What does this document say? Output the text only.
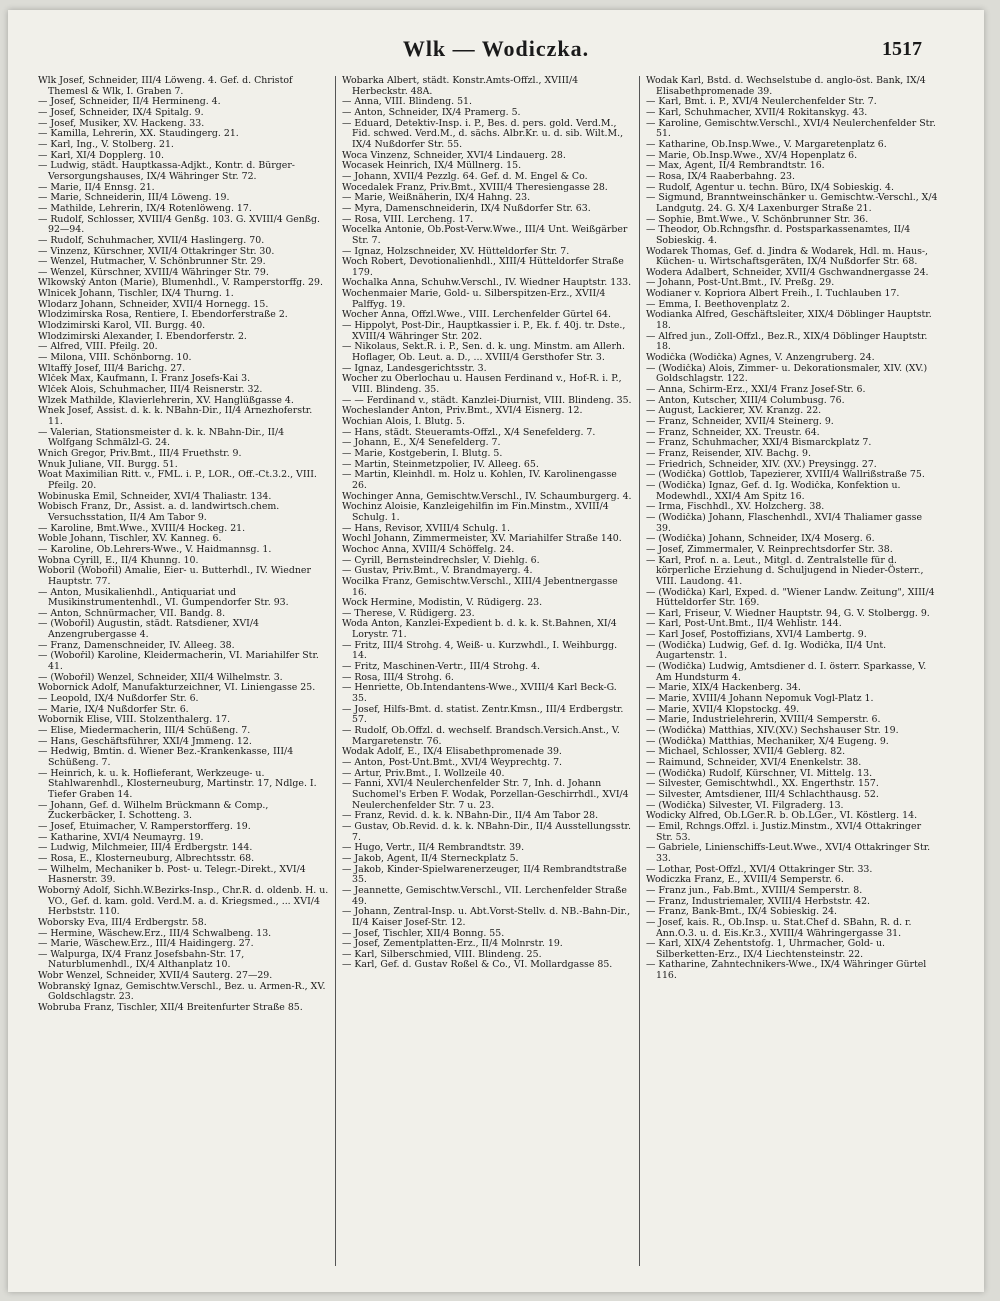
Wlk — Wodiczka.	1517
Wlk Josef, Schneider, III/4 Löweng. 4. Gef. d. Christof Themesl & Wlk, I. Graben 7.
— Josef, Schneider, II/4 Hermineng. 4.
— Josef, Schneider, IX/4 Spitalg. 9.
— Josef, Musiker, XV. Hackeng. 33.
— Kamilla, Lehrerin, XX. Staudingerg. 21.
— Karl, Ing., V. Stolberg. 21.
— Karl, XI/4 Dopplerg. 10.
— Ludwig, städt. Hauptkassa-Adjkt., Kontr. d. Bürger-Versorgungshauses, IX/4 Währinger Str. 72.
— Marie, II/4 Ennsg. 21.
— Marie, Schneiderin, III/4 Löweng. 19.
— Mathilde, Lehrerin, IX/4 Rotenlöweng. 17.
— Rudolf, Schlosser, XVIII/4 Genßg. 103. G. XVIII/4 Genßg. 92—94.
— Rudolf, Schuhmacher, XVII/4 Haslingerg. 70.
— Vinzenz, Kürschner, XVII/4 Ottakringer Str. 30.
— Wenzel, Hutmacher, V. Schönbrunner Str. 29.
— Wenzel, Kürschner, XVIII/4 Währinger Str. 79.
Wlkowský Anton (Marie), Blumenhdl., V. Ramperstorffg. 29.
Wlnicek Johann, Tischler, IX/4 Thurng. 1.
Wlodarz Johann, Schneider, XVII/4 Hornegg. 15.
Wlodzimirska Rosa, Rentiere, I. Ebendorferstraße 2.
Wlodzimirski Karol, VII. Burgg. 40.
Wlodzimirski Alexander, I. Ebendorferstr. 2.
— Alfred, VIII. Pfeilg. 20.
— Milona, VIII. Schönborng. 10.
Wltaffý Josef, III/4 Barichg. 27.
Wlček Max, Kaufmann, I. Franz Josefs-Kai 3.
Wlček Alois, Schuhmacher, III/4 Reisnerstr. 32.
Wlzek Mathilde, Klavierlehrerin, XV. Hanglüßgasse 4.
Wnek Josef, Assist. d. k. k. NBahn-Dir., II/4 Arnezhoferstr. 11.
— Valerian, Stationsmeister d. k. k. NBahn-Dir., II/4 Wolfgang Schmälzl-G. 24.
Wnich Gregor, Priv.Bmt., III/4 Fruethstr. 9.
Wnuk Juliane, VII. Burgg. 51.
Woat Maximilian Ritt. v., FML. i. P., LOR., Off.-Ct.3.2., VIII. Pfeilg. 20.
Wobinuska Emil, Schneider, XVI/4 Thaliastr. 134.
Wobisch Franz, Dr., Assist. a. d. landwirtsch.chem. Versuchsstation, II/4 Am Tabor 9.
— Karoline, Bmt.Wwe., XVIII/4 Hockeg. 21.
Woble Johann, Tischler, XV. Kanneg. 6.
— Karoline, Ob.Lehrers-Wwe., V. Haidmannsg. 1.
Wobna Cyrill, E., II/4 Khunng. 10.
Woboril (Wobořil) Amalie, Eier- u. Butterhdl., IV. Wiedner Hauptstr. 77.
— Anton, Musikalienhdl., Antiquariat und Musikinstrumentenhdl., VI. Gumpendorfer Str. 93.
— Anton, Schnürmacher, VII. Bandg. 8.
— (Wobořil) Augustin, städt. Ratsdiener, XVI/4 Anzengrubergasse 4.
— Franz, Damenschneider, IV. Alleeg. 38.
— (Wobořil) Karoline, Kleidermacherin, VI. Mariahilfer Str. 41.
— (Wobořil) Wenzel, Schneider, XII/4 Wilhelmstr. 3.
Wobornick Adolf, Manufakturzeichner, VI. Liniengasse 25.
— Leopold, IX/4 Nußdorfer Str. 6.
— Marie, IX/4 Nußdorfer Str. 6.
Wobornik Elise, VIII. Stolzenthalerg. 17.
— Elise, Miedermacherin, III/4 Schüßeng. 7.
— Hans, Geschäftsführer, XXI/4 Jmmeng. 12.
— Hedwig, Bmtin. d. Wiener Bez.-Krankenkasse, III/4 Schüßeng. 7.
— Heinrich, k. u. k. Hoflieferant, Werkzeuge- u. Stahlwarenhdl., Klosterneuburg, Martinstr. 17, Ndlge. I. Tiefer Graben 14.
— Johann, Gef. d. Wilhelm Brückmann & Comp., Zuckerbäcker, I. Schotteng. 3.
— Josef, Etuimacher, V. Ramperstorfferg. 19.
— Katharine, XVI/4 Neumayrg. 19.
— Ludwig, Milchmeier, III/4 Erdbergstr. 144.
— Rosa, E., Klosterneuburg, Albrechtsstr. 68.
— Wilhelm, Mechaniker b. Post- u. Telegr.-Direkt., XVI/4 Hasnerstr. 39.
Woborný Adolf, Sichh.W.Bezirks-Insp., Chr.R. d. oldenb. H. u. VO., Gef. d. kam. gold. Verd.M. a. d. Kriegsmed., ... XVI/4 Herbststr. 110.
Woborsky Eva, III/4 Erdbergstr. 58.
— Hermine, Wäschew.Erz., III/4 Schwalbeng. 13.
— Marie, Wäschew.Erz., III/4 Haidingerg. 27.
— Walpurga, IX/4 Franz Josefsbahn-Str. 17, Naturblumenhdl., IX/4 Althanplatz 10.
Wobr Wenzel, Schneider, XVII/4 Sauterg. 27—29.
Wobranský Ignaz, Gemischtw.Verschl., Bez. u. Armen-R., XV. Goldschlagstr. 23.
Wobruba Franz, Tischler, XII/4 Breitenfurter Straße 85.
Wobarka Albert, städt. Konstr.Amts-Offzl., XVIII/4 Herbeckstr. 48A.
— Anna, VIII. Blindeng. 51.
— Anton, Schneider, IX/4 Pramerg. 5.
— Eduard, Detektiv-Insp. i. P., Bes. d. pers. gold. Verd.M., Fid. schwed. Verd.M., d. sächs. Albr.Kr. u. d. sib. Wilt.M., IX/4 Nußdorfer Str. 55.
Woca Vinzenz, Schneider, XVI/4 Lindauerg. 28.
Wocasek Heinrich, IX/4 Müllnerg. 15.
— Johann, XVII/4 Pezzlg. 64. Gef. d. M. Engel & Co.
Wocedalek Franz, Priv.Bmt., XVIII/4 Theresiengasse 28.
— Marie, Weißnäherin, IX/4 Hahng. 23.
— Myra, Damenschneiderin, IX/4 Nußdorfer Str. 63.
— Rosa, VIII. Lercheng. 17.
Wocelka Antonie, Ob.Post-Verw.Wwe., III/4 Unt. Weißgärber Str. 7.
— Ignaz, Holzschneider, XV. Hütteldorfer Str. 7.
Woch Robert, Devotionalienhdl., XIII/4 Hütteldorfer Straße 179.
Wochalka Anna, Schuhw.Verschl., IV. Wiedner Hauptstr. 133.
Wochenmaier Marie, Gold- u. Silberspitzen-Erz., XVII/4 Palffyg. 19.
Wocher Anna, Offzl.Wwe., VIII. Lerchenfelder Gürtel 64.
— Hippolyt, Post-Dir., Hauptkassier i. P., Ek. f. 40j. tr. Dste., XVIII/4 Währinger Str. 202.
— Nikolaus, Sekt.R. i. P., Sen. d. k. ung. Minstm. am Allerh. Hoflager, Ob. Leut. a. D., ... XVIII/4 Gersthofer Str. 3.
— Ignaz, Landesgerichtsstr. 3.
Wocher zu Oberlochau u. Hausen Ferdinand v., Hof-R. i. P., VIII. Blindeng. 35.
— — Ferdinand v., städt. Kanzlei-Diurnist, VIII. Blindeng. 35.
Wocheslander Anton, Priv.Bmt., XVI/4 Eisnerg. 12.
Wochian Alois, I. Blutg. 5.
— Hans, städt. Steueramts-Offzl., X/4 Senefelderg. 7.
— Johann, E., X/4 Senefelderg. 7.
— Marie, Kostgeberin, I. Blutg. 5.
— Martin, Steinmetzpolier, IV. Alleeg. 65.
— Martin, Kleinhdl. m. Holz u. Kohlen, IV. Karolinengasse 26.
Wochinger Anna, Gemischtw.Verschl., IV. Schaumburgerg. 4.
Wochinz Aloisie, Kanzleigehilfin im Fin.Minstm., XVIII/4 Schulg. 1.
— Hans, Revisor, XVIII/4 Schulg. 1.
Wochl Johann, Zimmermeister, XV. Mariahilfer Straße 140.
Wochoc Anna, XVIII/4 Schöffelg. 24.
— Cyrill, Bernsteindrechsler, V. Diehlg. 6.
— Gustav, Priv.Bmt., V. Brandmayerg. 4.
Wocilka Franz, Gemischtw.Verschl., XIII/4 Jebentnergasse 16.
Wock Hermine, Modistin, V. Rüdigerg. 23.
— Therese, V. Rüdigerg. 23.
Woda Anton, Kanzlei-Expedient b. d. k. k. St.Bahnen, XI/4 Lorystr. 71.
— Fritz, III/4 Strohg. 4, Weiß- u. Kurzwhdl., I. Weihburgg. 14.
— Fritz, Maschinen-Vertr., III/4 Strohg. 4.
— Rosa, III/4 Strohg. 6.
— Henriette, Ob.Intendantens-Wwe., XVIII/4 Karl Beck-G. 35.
— Josef, Hilfs-Bmt. d. statist. Zentr.Kmsn., III/4 Erdbergstr. 57.
— Rudolf, Ob.Offzl. d. wechself. Brandsch.Versich.Anst., V. Margaretenstr. 76.
Wodak Adolf, E., IX/4 Elisabethpromenade 39.
— Anton, Post-Unt.Bmt., XVI/4 Weyprechtg. 7.
— Artur, Priv.Bmt., I. Wollzeile 40.
— Fanni, XVI/4 Neulerchenfelder Str. 7, Inh. d. Johann Suchomel's Erben F. Wodak, Porzellan-Geschirrhdl., XVI/4 Neulerchenfelder Str. 7 u. 23.
— Franz, Revid. d. k. k. NBahn-Dir., II/4 Am Tabor 28.
— Gustav, Ob.Revid. d. k. k. NBahn-Dir., II/4 Ausstellungsstr. 7.
— Hugo, Vertr., II/4 Rembrandtstr. 39.
— Jakob, Agent, II/4 Sterneckplatz 5.
— Jakob, Kinder-Spielwarenerzeuger, II/4 Rembrandtstraße 35.
— Jeannette, Gemischtw.Verschl., VII. Lerchenfelder Straße 49.
— Johann, Zentral-Insp. u. Abt.Vorst-Stellv. d. NB.-Bahn-Dir., II/4 Kaiser Josef-Str. 12.
— Josef, Tischler, XII/4 Bonng. 55.
— Josef, Zementplatten-Erz., II/4 Molnrstr. 19.
— Karl, Silberschmied, VIII. Blindeng. 25.
— Karl, Gef. d. Gustav Roßel & Co., VI. Mollardgasse 85.
Wodak Karl, Bstd. d. Wechselstube d. anglo-öst. Bank, IX/4 Elisabethpromenade 39.
— Karl, Bmt. i. P., XVI/4 Neulerchenfelder Str. 7.
— Karl, Schuhmacher, XVII/4 Rokitanskyg. 43.
— Karoline, Gemischtw.Verschl., XVI/4 Neulerchenfelder Str. 51.
— Katharine, Ob.Insp.Wwe., V. Margaretenplatz 6.
— Marie, Ob.Insp.Wwe., XV/4 Hopenplatz 6.
— Max, Agent, II/4 Rembrandtstr. 16.
— Rosa, IX/4 Raaberbahng. 23.
— Rudolf, Agentur u. techn. Büro, IX/4 Sobieskig. 4.
— Sigmund, Branntweinschänker u. Gemischtw.-Verschl., X/4 Landgutg. 24. G. X/4 Laxenburger Straße 21.
— Sophie, Bmt.Wwe., V. Schönbrunner Str. 36.
— Theodor, Ob.Rchngsfhr. d. Postsparkassenamtes, II/4 Sobieskig. 4.
Wodarek Thomas, Gef. d. Jindra & Wodarek, Hdl. m. Haus-, Küchen- u. Wirtschaftsgeräten, IX/4 Nußdorfer Str. 68.
Wodera Adalbert, Schneider, XVII/4 Gschwandnergasse 24.
— Johann, Post-Unt.Bmt., IV. Preßg. 29.
Wodianer v. Kopriora Albert Freih., I. Tuchlauben 17.
— Emma, I. Beethovenplatz 2.
Wodianka Alfred, Geschäftsleiter, XIX/4 Döblinger Hauptstr. 18.
— Alfred jun., Zoll-Offzl., Bez.R., XIX/4 Döblinger Hauptstr. 18.
Wodička (Wodička) Agnes, V. Anzengruberg. 24.
— (Wodička) Alois, Zimmer- u. Dekorationsmaler, XIV. (XV.) Goldschlagstr. 122.
— Anna, Schirm-Erz., XXI/4 Franz Josef-Str. 6.
— Anton, Kutscher, XIII/4 Columbusg. 76.
— August, Lackierer, XV. Kranzg. 22.
— Franz, Schneider, XVII/4 Steinerg. 9.
— Franz, Schneider, XX. Treustr. 64.
— Franz, Schuhmacher, XXI/4 Bismarckplatz 7.
— Franz, Reisender, XIV. Bachg. 9.
— Friedrich, Schneider, XIV. (XV.) Preysingg. 27.
— (Wodička) Gottlob, Tapezierer, XVIII/4 Wallrißstraße 75.
— (Wodička) Ignaz, Gef. d. Ig. Wodička, Konfektion u. Modewhdl., XXI/4 Am Spitz 16.
— Irma, Fischhdl., XV. Holzcherg. 38.
— (Wodička) Johann, Flaschenhdl., XVI/4 Thaliamer gasse 39.
— (Wodička) Johann, Schneider, IX/4 Moserg. 6.
— Josef, Zimmermaler, V. Reinprechtsdorfer Str. 38.
— Karl, Prof. n. a. Leut., Mitgl. d. Zentralstelle für d. körperliche Erziehung d. Schuljugend in Nieder-Österr., VIII. Laudong. 41.
— (Wodička) Karl, Exped. d. "Wiener Landw. Zeitung", XIII/4 Hütteldorfer Str. 169.
— Karl, Friseur, V. Wiedner Hauptstr. 94, G. V. Stolbergg. 9.
— Karl, Post-Unt.Bmt., II/4 Wehlistr. 144.
— Karl Josef, Postoffizians, XVI/4 Lambertg. 9.
— (Wodička) Ludwig, Gef. d. Ig. Wodička, II/4 Unt. Augartenstr. 1.
— (Wodička) Ludwig, Amtsdiener d. I. österr. Sparkasse, V. Am Hundsturm 4.
— Marie, XIX/4 Hackenberg. 34.
— Marie, XVIII/4 Johann Nepomuk Vogl-Platz 1.
— Marie, XVII/4 Klopstockg. 49.
— Marie, Industrielehrerin, XVIII/4 Semperstr. 6.
— (Wodička) Matthias, XIV.(XV.) Sechshauser Str. 19.
— (Wodička) Matthias, Mechaniker, X/4 Eugeng. 9.
— Michael, Schlosser, XVII/4 Geblerg. 82.
— Raimund, Schneider, XVI/4 Enenkelstr. 38.
— (Wodička) Rudolf, Kürschner, VI. Mittelg. 13.
— Silvester, Gemischtwhdl., XX. Engerthstr. 157.
— Silvester, Amtsdiener, III/4 Schlachthausg. 52.
— (Wodička) Silvester, VI. Filgraderg. 13.
Wodicky Alfred, Ob.LGer.R. b. Ob.LGer., VI. Köstlerg. 14.
— Emil, Rchngs.Offzl. i. Justiz.Minstm., XVI/4 Ottakringer Str. 53.
— Gabriele, Linienschiffs-Leut.Wwe., XVI/4 Ottakringer Str. 33.
— Lothar, Post-Offzl., XVI/4 Ottakringer Str. 33.
Wodiczka Franz, E., XVIII/4 Semperstr. 6.
— Franz jun., Fab.Bmt., XVIII/4 Semperstr. 8.
— Franz, Industriemaler, XVIII/4 Herbststr. 42.
— Franz, Bank-Bmt., IX/4 Sobieskig. 24.
— Josef, kais. R., Ob.Insp. u. Stat.Chef d. SBahn, R. d. r. Ann.O.3. u. d. Eis.Kr.3., XVIII/4 Währingergasse 31.
— Karl, XIX/4 Zehentstofg. 1, Uhrmacher, Gold- u. Silberketten-Erz., IX/4 Liechtensteinstr. 22.
— Katharine, Zahntechnikers-Wwe., IX/4 Währinger Gürtel 116.
